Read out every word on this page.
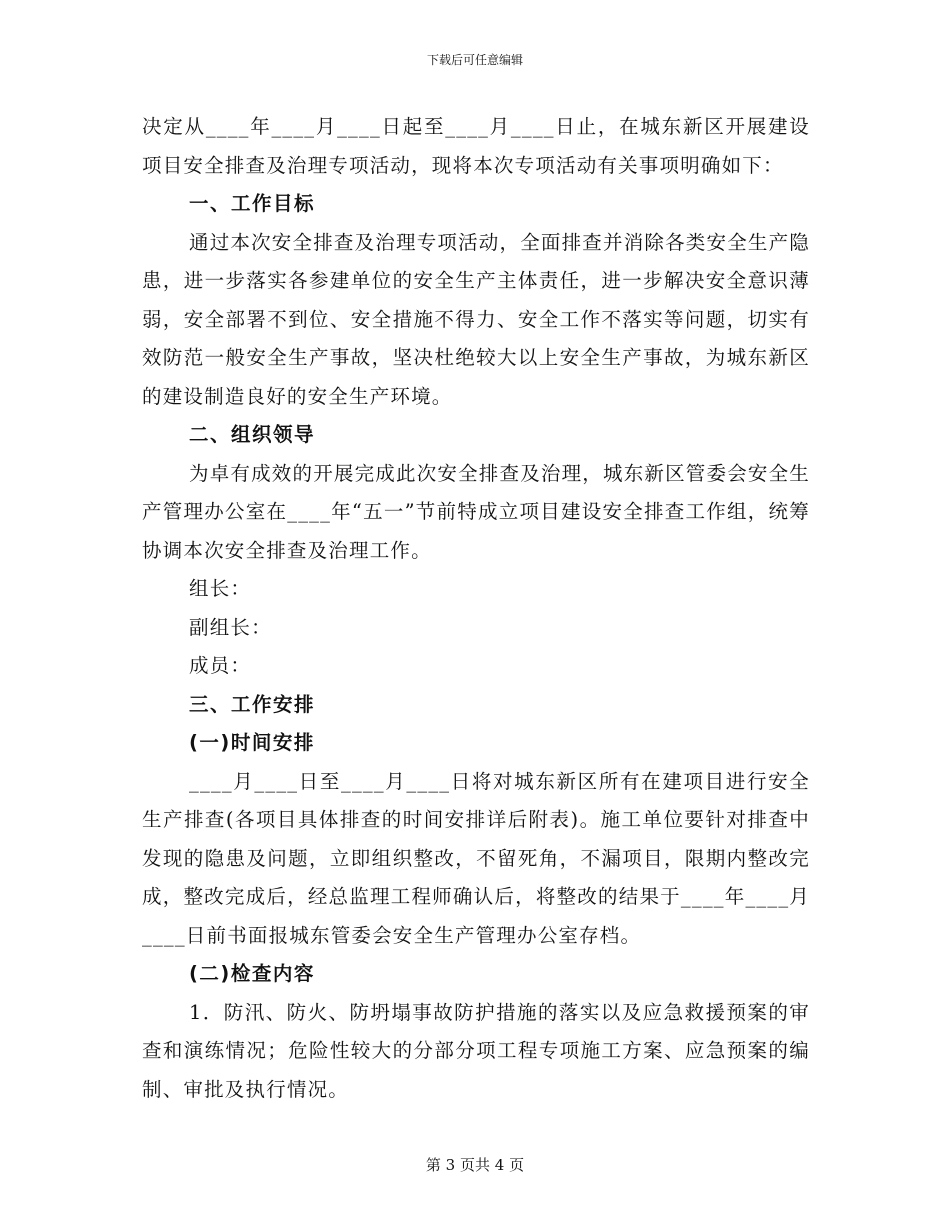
下载后可任意编辑

决定从____年____月____日起至____月____日止，在城东新区开展建设项目安全排查及治理专项活动，现将本次专项活动有关事项明确如下：

一、工作目标

通过本次安全排查及治理专项活动，全面排查并消除各类安全生产隐患，进一步落实各参建单位的安全生产主体责任，进一步解决安全意识薄弱，安全部署不到位、安全措施不得力、安全工作不落实等问题，切实有效防范一般安全生产事故，坚决杜绝较大以上安全生产事故，为城东新区的建设制造良好的安全生产环境。

二、组织领导

为卓有成效的开展完成此次安全排查及治理，城东新区管委会安全生产管理办公室在____年“五一”节前特成立项目建设安全排查工作组，统筹协调本次安全排查及治理工作。

组长：

副组长：

成员：

三、工作安排

(一)时间安排

____月____日至____月____日将对城东新区所有在建项目进行安全生产排查(各项目具体排查的时间安排详后附表)。施工单位要针对排查中发现的隐患及问题，立即组织整改，不留死角，不漏项目，限期内整改完成，整改完成后，经总监理工程师确认后，将整改的结果于____年____月____日前书面报城东管委会安全生产管理办公室存档。

(二)检查内容

1．防汛、防火、防坍塌事故防护措施的落实以及应急救援预案的审查和演练情况；危险性较大的分部分项工程专项施工方案、应急预案的编制、审批及执行情况。

第 3 页共 4 页
